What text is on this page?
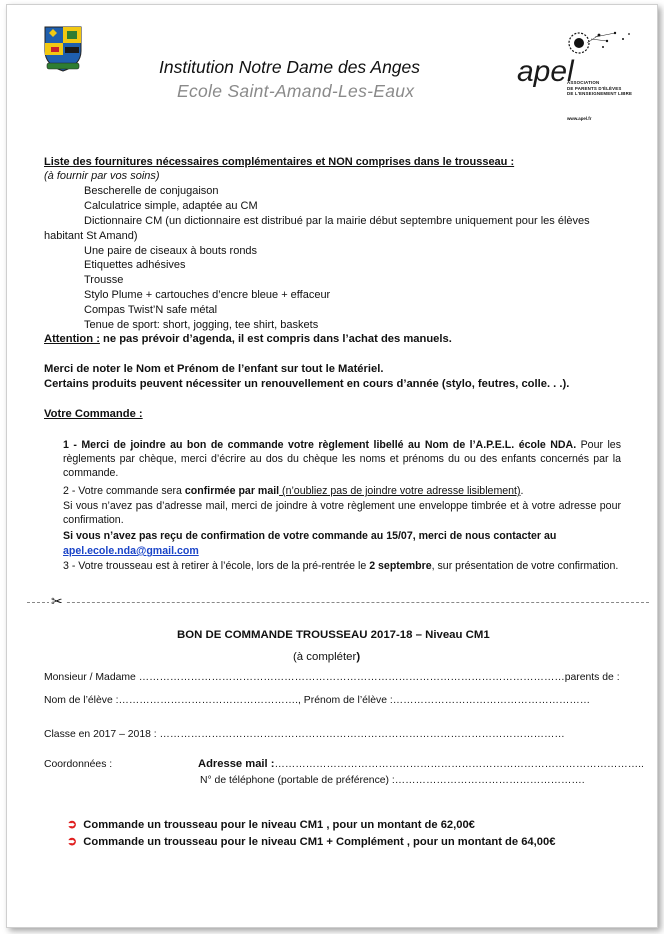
Institution Notre Dame des Anges
Ecole Saint-Amand-Les-Eaux
apel
ASSOCIATION
DE PARENTS D'ÉLÈVES
DE L'ENSEIGNEMENT LIBRE
www.apel.fr
Liste des fournitures nécessaires complémentaires et NON comprises dans le trousseau :
(à fournir par vos soins)
Bescherelle de conjugaison
Calculatrice simple, adaptée au CM
Dictionnaire CM (un dictionnaire est distribué par la mairie début septembre uniquement pour les élèves
habitant St Amand)
Une paire de ciseaux à bouts ronds
Etiquettes adhésives
Trousse
Stylo Plume + cartouches d’encre bleue + effaceur
Compas Twist’N safe métal
Tenue de sport: short, jogging, tee shirt, baskets
Attention : ne pas prévoir d’agenda, il est compris dans l’achat des manuels.
Merci de noter le Nom et Prénom de l’enfant sur tout le Matériel.
Certains produits peuvent nécessiter un renouvellement en cours d’année (stylo, feutres, colle. . .).
Votre Commande :
1 - Merci de joindre au bon de commande votre règlement libellé au Nom de l’A.P.E.L. école NDA. Pour les règlements par chèque, merci d’écrire au dos du chèque les noms et prénoms du ou des enfants concernés par la commande.
2 - Votre commande sera confirmée par mail (n’oubliez pas de joindre votre adresse lisiblement).
Si vous n’avez pas d’adresse mail, merci de joindre à votre règlement une enveloppe timbrée et à votre adresse pour confirmation.
Si vous n’avez pas reçu de confirmation de votre commande au 15/07, merci de nous contacter au
apel.ecole.nda@gmail.com
3 - Votre trousseau est à retirer à l’école, lors de la pré-rentrée le 2 septembre, sur présentation de votre confirmation.
✂
BON DE COMMANDE TROUSSEAU 2017-18 – Niveau CM1
(à compléter)
Monsieur / Madame ……………………………………………………………………………………………………………parents de :
Nom de l’élève :……………………………………………., Prénom de l’élève :…………………………………………………
Classe en 2017 – 2018 : ………………………………………………………………………………………………………
Coordonnées :	Adresse mail :……………………………………………………………………………………………..
N° de téléphone (portable de préférence) :……………………………………………….
➲ Commande un trousseau pour le niveau CM1 , pour un montant de 62,00€
➲ Commande un trousseau pour le niveau CM1 + Complément , pour un montant de 64,00€
